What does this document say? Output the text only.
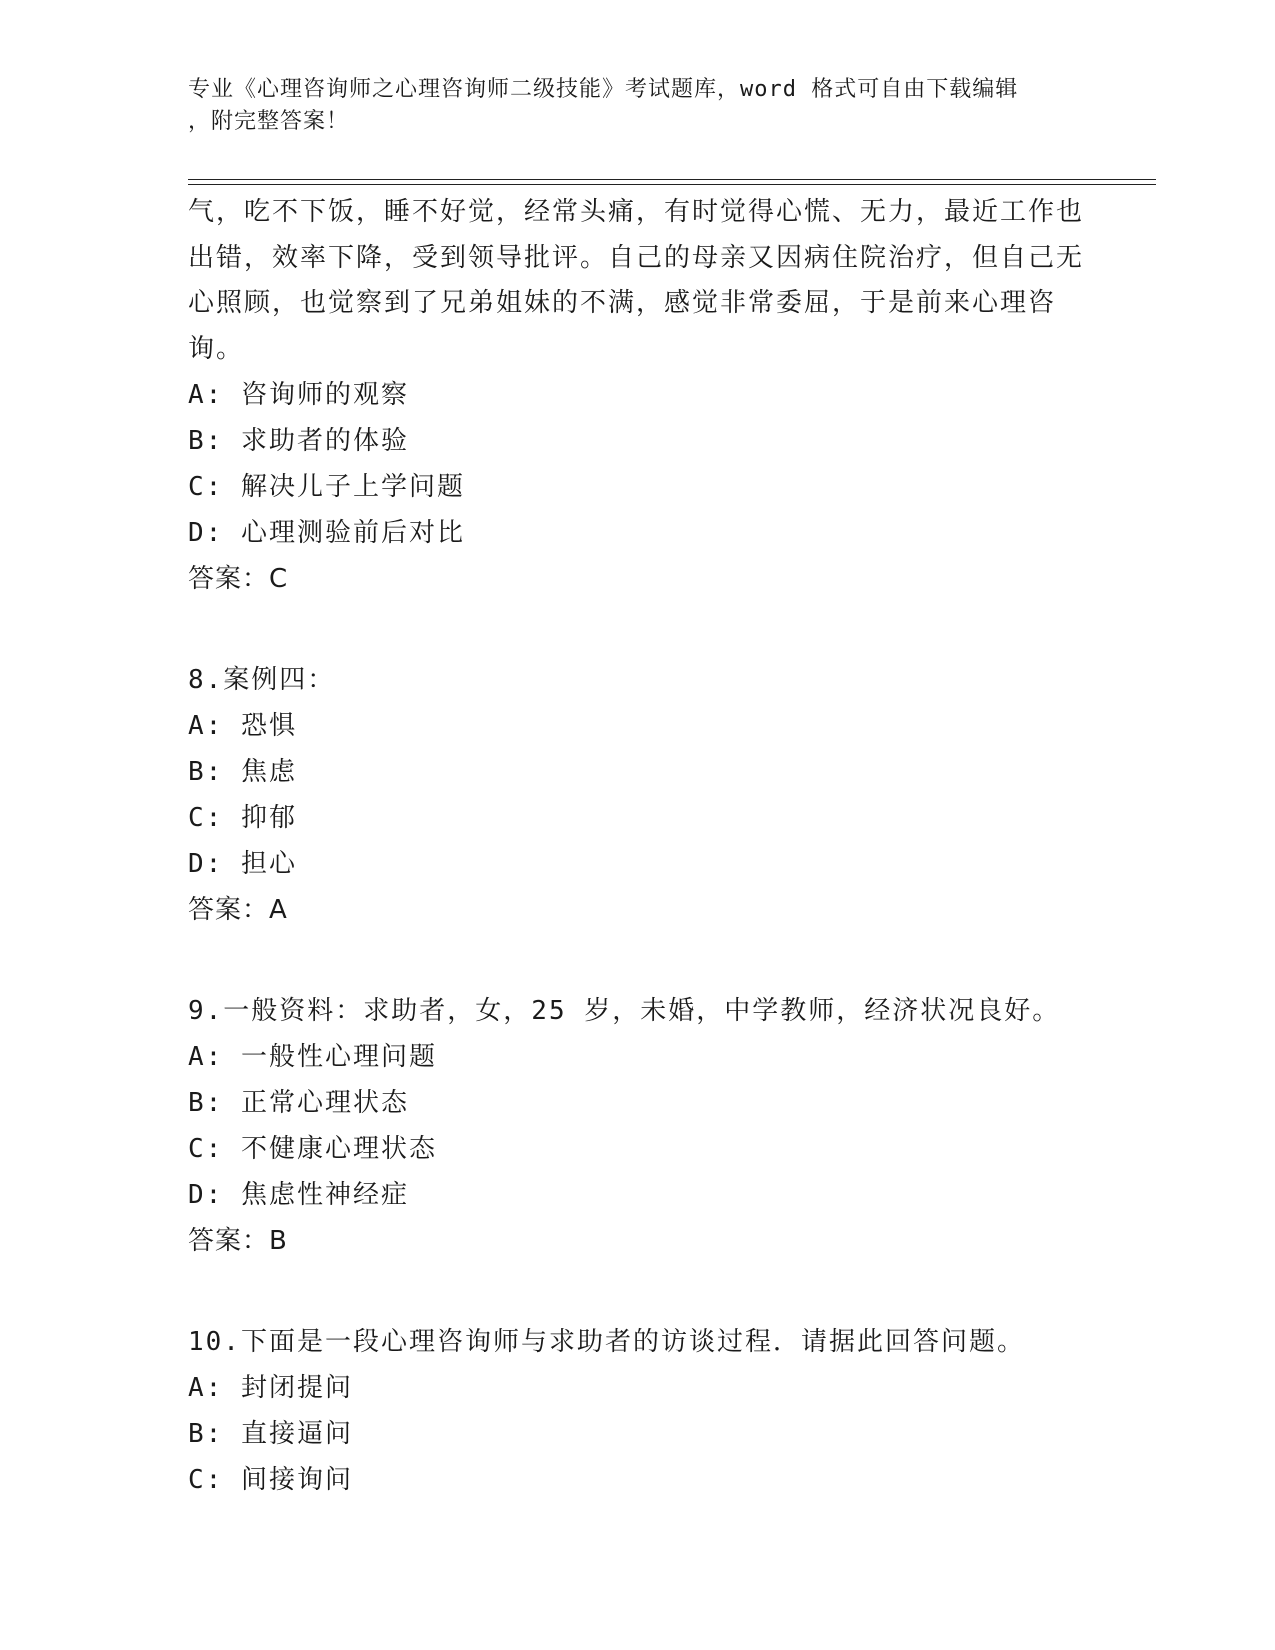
专业《心理咨询师之心理咨询师二级技能》考试题库，word 格式可自由下载编辑
，附完整答案！
气，吃不下饭，睡不好觉，经常头痛，有时觉得心慌、无力，最近工作也出错，效率下降，受到领导批评。自己的母亲又因病住院治疗，但自己无心照顾，也觉察到了兄弟姐妹的不满，感觉非常委屈，于是前来心理咨询。
A: 咨询师的观察
B: 求助者的体验
C: 解决儿子上学问题
D: 心理测验前后对比
答案：C
8.案例四：
A: 恐惧
B: 焦虑
C: 抑郁
D: 担心
答案：A
9.一般资料：求助者，女，25 岁，未婚，中学教师，经济状况良好。
A: 一般性心理问题
B: 正常心理状态
C: 不健康心理状态
D: 焦虑性神经症
答案：B
10.下面是一段心理咨询师与求助者的访谈过程．请据此回答问题。
A: 封闭提问
B: 直接逼问
C: 间接询问
